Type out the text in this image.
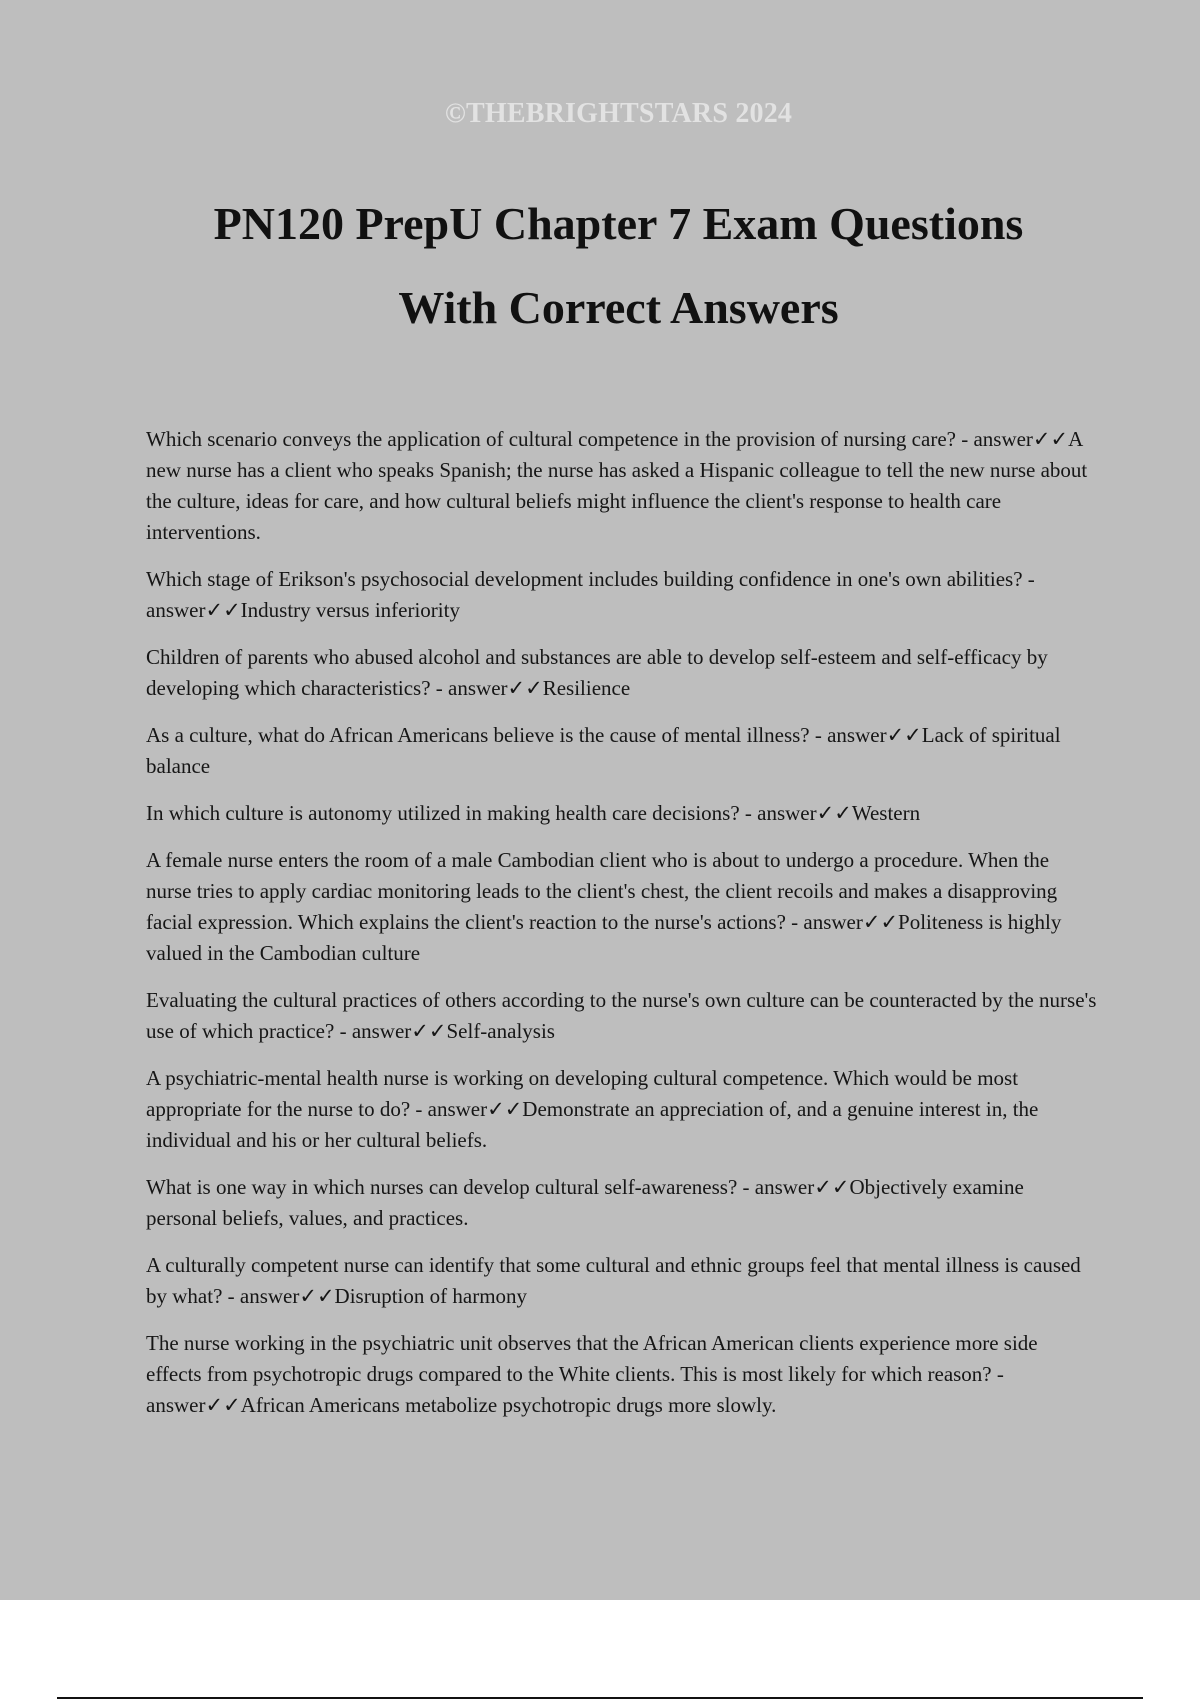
©THEBRIGHTSTARS 2024
PN120 PrepU Chapter 7 Exam Questions
With Correct Answers
Which scenario conveys the application of cultural competence in the provision of nursing care? - answer✓✓A new nurse has a client who speaks Spanish; the nurse has asked a Hispanic colleague to tell the new nurse about the culture, ideas for care, and how cultural beliefs might influence the client's response to health care interventions.
Which stage of Erikson's psychosocial development includes building confidence in one's own abilities? - answer✓✓Industry versus inferiority
Children of parents who abused alcohol and substances are able to develop self-esteem and self-efficacy by developing which characteristics? - answer✓✓Resilience
As a culture, what do African Americans believe is the cause of mental illness? - answer✓✓Lack of spiritual balance
In which culture is autonomy utilized in making health care decisions? - answer✓✓Western
A female nurse enters the room of a male Cambodian client who is about to undergo a procedure. When the nurse tries to apply cardiac monitoring leads to the client's chest, the client recoils and makes a disapproving facial expression. Which explains the client's reaction to the nurse's actions? - answer✓✓Politeness is highly valued in the Cambodian culture
Evaluating the cultural practices of others according to the nurse's own culture can be counteracted by the nurse's use of which practice? - answer✓✓Self-analysis
A psychiatric-mental health nurse is working on developing cultural competence. Which would be most appropriate for the nurse to do? - answer✓✓Demonstrate an appreciation of, and a genuine interest in, the individual and his or her cultural beliefs.
What is one way in which nurses can develop cultural self-awareness? - answer✓✓Objectively examine personal beliefs, values, and practices.
A culturally competent nurse can identify that some cultural and ethnic groups feel that mental illness is caused by what? - answer✓✓Disruption of harmony
The nurse working in the psychiatric unit observes that the African American clients experience more side effects from psychotropic drugs compared to the White clients. This is most likely for which reason? - answer✓✓African Americans metabolize psychotropic drugs more slowly.
